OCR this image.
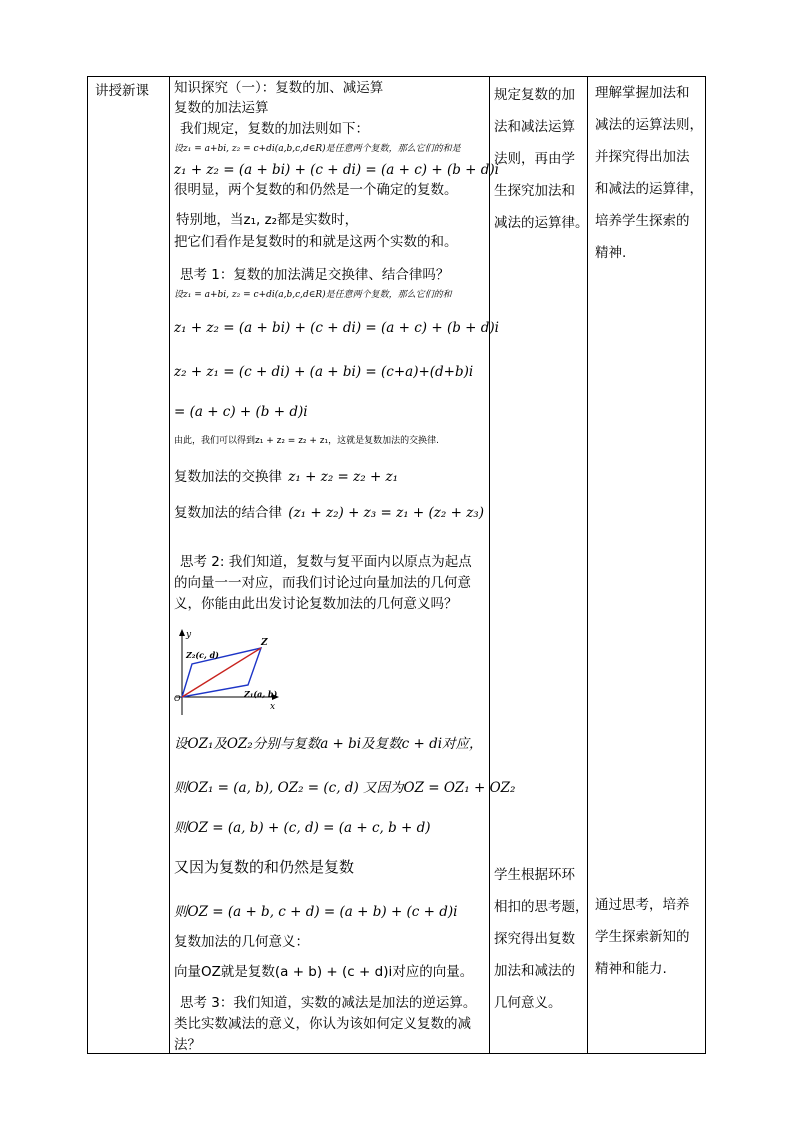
讲授新课 知识探究（一）：复数的加、减运算
复数的加法运算
我们规定，复数的加法则如下：
设z₁ = a+bi, z₂ = c+di(a,b,c,d∈R)是任意两个复数，那么它们的和是
z₁ + z₂ = (a + bi) + (c + di) = (a + c) + (b + d)i
很明显，两个复数的和仍然是一个确定的复数。
特别地，当z₁, z₂都是实数时，
把它们看作是复数时的和就是这两个实数的和。
思考 1：复数的加法满足交换律、结合律吗？
设z₁ = a+bi, z₂ = c+di(a,b,c,d∈R)是任意两个复数，那么它们的和
z₁ + z₂ = (a + bi) + (c + di) = (a + c) + (b + d)i
z₂ + z₁ = (c + di) + (a + bi) = (c+a)+(d+b)i
= (a + c) + (b + d)i
由此，我们可以得到z₁ + z₂ = z₂ + z₁，这就是复数加法的交换律.
复数加法的交换律 z₁ + z₂ = z₂ + z₁
复数加法的结合律 (z₁ + z₂) + z₃ = z₁ + (z₂ + z₃)
思考 2: 我们知道，复数与复平面内以原点为起点
的向量一一对应，而我们讨论过向量加法的几何意
义，你能由此出发讨论复数加法的几何意义吗？
y
x
O
Z
Z₂(c, d)
Z₁(a, b)
设OZ₁及OZ₂分别与复数a + bi及复数c + di对应，
则OZ₁ = (a, b), OZ₂ = (c, d) 又因为OZ = OZ₁ + OZ₂
则OZ = (a, b) + (c, d) = (a + c, b + d)
又因为复数的和仍然是复数
则OZ = (a + b, c + d) = (a + b) + (c + d)i
复数加法的几何意义：
向量OZ就是复数(a + b) + (c + d)i对应的向量。
思考 3：我们知道，实数的减法是加法的逆运算。
类比实数减法的意义，你认为该如何定义复数的减
法？
规定复数的加
法和减法运算
法则，再由学
生探究加法和
减法的运算律。
学生根据环环
相扣的思考题，
探究得出复数
加法和减法的
几何意义。
理解掌握加法和
减法的运算法则，
并探究得出加法
和减法的运算律，
培养学生探索的
精神.
通过思考，培养
学生探索新知的
精神和能力.
